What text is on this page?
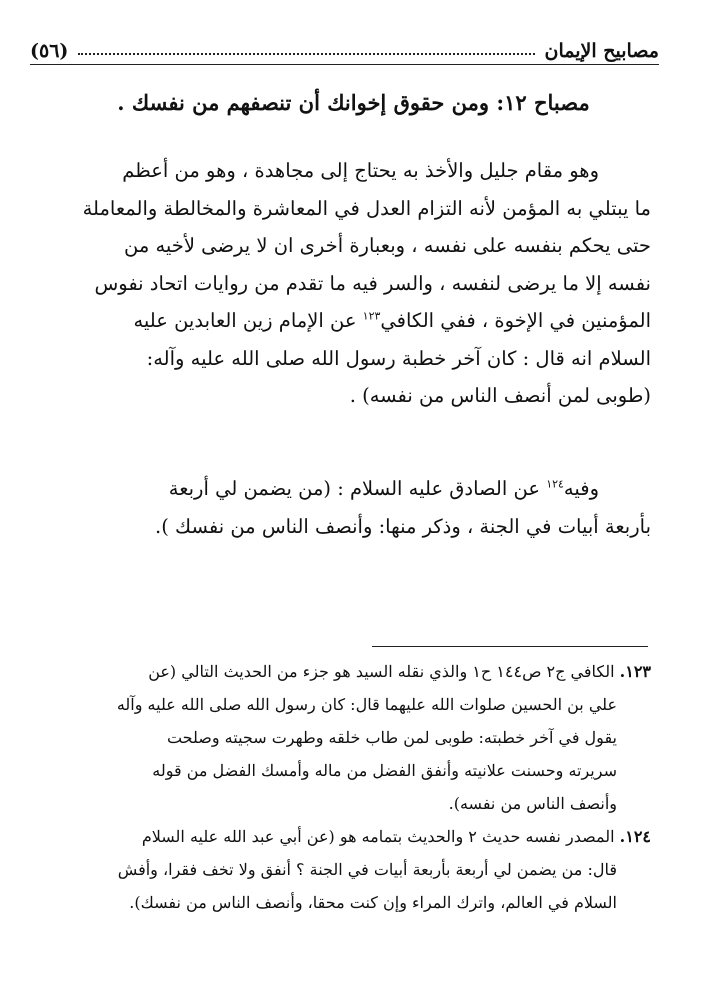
مصابيح الإيمان
(٥٦)
مصباح ١٢: ومن حقوق إخوانك أن تنصفهم من نفسك .
وهو مقام جليل والأخذ به يحتاج إلى مجاهدة ، وهو من أعظم
ما يبتلي به المؤمن لأنه التزام العدل في المعاشرة والمخالطة والمعاملة
حتى يحكم بنفسه على نفسه ، وبعبارة أخرى ان لا يرضى لأخيه من
نفسه إلا ما يرضى لنفسه ، والسر فيه ما تقدم من روايات اتحاد نفوس
المؤمنين في الإخوة ، ففي الكافي$^{١٢٣}$ عن الإمام زين العابدين عليه
السلام انه قال : كان آخر خطبة رسول الله صلى الله عليه وآله:
(طوبى لمن أنصف الناس من نفسه) .
وفيه$^{١٢٤}$ عن الصادق عليه السلام : (من يضمن لي أربعة
بأربعة أبيات في الجنة ، وذكر منها: وأنصف الناس من نفسك ).
١٢٣. الكافي ج٢ ص١٤٤ ح١ والذي نقله السيد هو جزء من الحديث التالي (عن
علي بن الحسين صلوات الله عليهما قال: كان رسول الله صلى الله عليه وآله
يقول في آخر خطبته: طوبى لمن طاب خلقه وطهرت سجيته وصلحت
سريرته وحسنت علانيته وأنفق الفضل من ماله وأمسك الفضل من قوله
وأنصف الناس من نفسه).
١٢٤. المصدر نفسه حديث ٢ والحديث بتمامه هو (عن أبي عبد الله عليه السلام
قال: من يضمن لي أربعة بأربعة أبيات في الجنة ؟ أنفق ولا تخف فقرا، وأفش
السلام في العالم، واترك المراء وإن كنت محقا، وأنصف الناس من نفسك).
